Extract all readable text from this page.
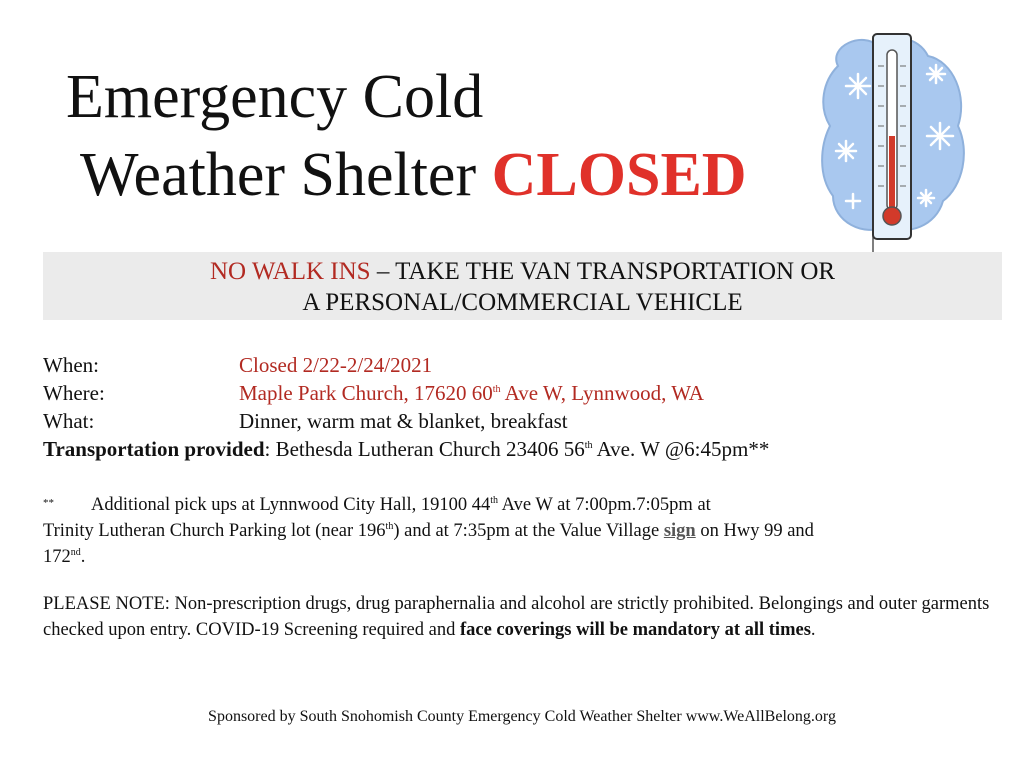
Emergency Cold
Weather Shelter CLOSED
NO WALK INS – TAKE THE VAN TRANSPORTATION OR
A PERSONAL/COMMERCIAL VEHICLE
When:	Closed 2/22-2/24/2021
Where:	Maple Park Church, 17620 60th Ave W, Lynnwood, WA
What:	Dinner, warm mat & blanket, breakfast
Transportation provided : Bethesda Lutheran Church 23406 56th Ave. W @6:45pm**
** Additional pick ups at Lynnwood City Hall, 19100 44th Ave W at 7:00pm.7:05pm at
Trinity Lutheran Church Parking lot (near 196th) and at 7:35pm at the Value Village sign on Hwy 99 and
172nd.
PLEASE NOTE: Non-prescription drugs, drug paraphernalia and alcohol are strictly prohibited. Belongings and outer garments checked upon entry. COVID-19 Screening required and face coverings will be mandatory at all times.
Sponsored by South Snohomish County Emergency Cold Weather Shelter www.WeAllBelong.org
